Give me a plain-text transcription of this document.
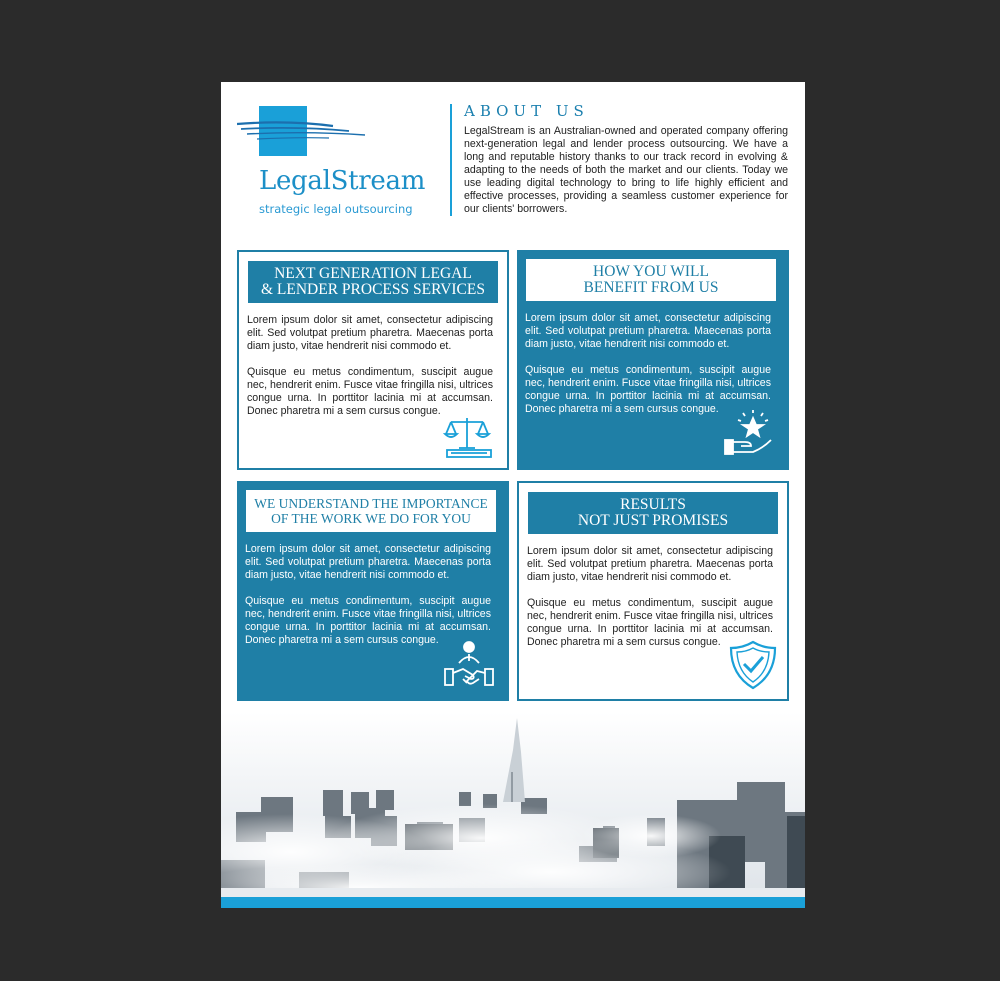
LegalStream
strategic legal outsourcing
ABOUT US
LegalStream is an Australian-owned and operated company offering next-generation legal and lender process outsourcing. We have a long and reputable history thanks to our track record in evolving & adapting to the needs of both the market and our clients. Today we use leading digital technology to bring to life highly efficient and effective processes, providing a seamless customer experience for our clients' borrowers.
NEXT GENERATION LEGAL
& LENDER PROCESS SERVICES

Lorem ipsum dolor sit amet, consectetur adipiscing elit. Sed volutpat pretium pharetra. Maecenas porta diam justo, vitae hendrerit nisi commodo et.

Quisque eu metus condimentum, suscipit augue nec, hendrerit enim. Fusce vitae fringilla nisi, ultrices congue urna. In porttitor lacinia mi at accumsan. Donec pharetra mi a sem cursus congue.

HOW YOU WILL
BENEFIT FROM US

Lorem ipsum dolor sit amet, consectetur adipiscing elit. Sed volutpat pretium pharetra. Maecenas porta diam justo, vitae hendrerit nisi commodo et.

Quisque eu metus condimentum, suscipit augue nec, hendrerit enim. Fusce vitae fringilla nisi, ultrices congue urna. In porttitor lacinia mi at accumsan. Donec pharetra mi a sem cursus congue.

WE UNDERSTAND THE IMPORTANCE
OF THE WORK WE DO FOR YOU

Lorem ipsum dolor sit amet, consectetur adipiscing elit. Sed volutpat pretium pharetra. Maecenas porta diam justo, vitae hendrerit nisi commodo et.

Quisque eu metus condimentum, suscipit augue nec, hendrerit enim. Fusce vitae fringilla nisi, ultrices congue urna. In porttitor lacinia mi at accumsan. Donec pharetra mi a sem cursus congue.

RESULTS
NOT JUST PROMISES

Lorem ipsum dolor sit amet, consectetur adipiscing elit. Sed volutpat pretium pharetra. Maecenas porta diam justo, vitae hendrerit nisi commodo et.

Quisque eu metus condimentum, suscipit augue nec, hendrerit enim. Fusce vitae fringilla nisi, ultrices congue urna. In porttitor lacinia mi at accumsan. Donec pharetra mi a sem cursus congue.
